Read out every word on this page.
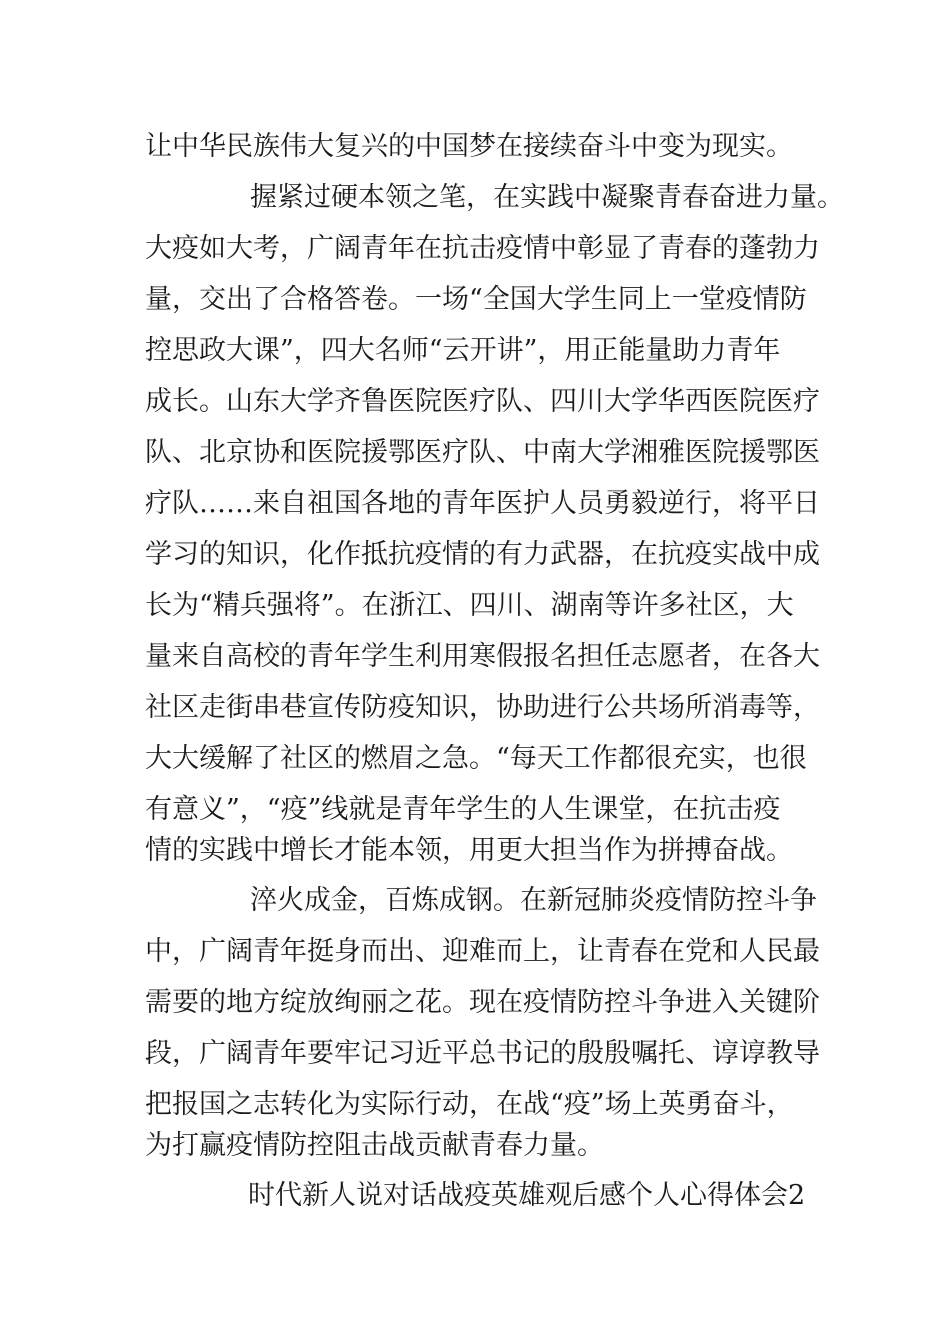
让中华民族伟大复兴的中国梦在接续奋斗中变为现实。

握紧过硬本领之笔，在实践中凝聚青春奋进力量。

大疫如大考，广阔青年在抗击疫情中彰显了青春的蓬勃力

量，交出了合格答卷。一场“全国大学生同上一堂疫情防

控思政大课”，四大名师“云开讲”，用正能量助力青年

成长。山东大学齐鲁医院医疗队、四川大学华西医院医疗

队、北京协和医院援鄂医疗队、中南大学湘雅医院援鄂医

疗队……来自祖国各地的青年医护人员勇毅逆行，将平日

学习的知识，化作抵抗疫情的有力武器，在抗疫实战中成

长为“精兵强将”。在浙江、四川、湖南等许多社区，大

量来自高校的青年学生利用寒假报名担任志愿者，在各大

社区走街串巷宣传防疫知识，协助进行公共场所消毒等，

大大缓解了社区的燃眉之急。“每天工作都很充实，也很

有意义”，“疫”线就是青年学生的人生课堂，在抗击疫

情的实践中增长才能本领，用更大担当作为拼搏奋战。

淬火成金，百炼成钢。在新冠肺炎疫情防控斗争

中，广阔青年挺身而出、迎难而上，让青春在党和人民最

需要的地方绽放绚丽之花。现在疫情防控斗争进入关键阶

段，广阔青年要牢记习近平总书记的殷殷嘱托、谆谆教导

把报国之志转化为实际行动，在战“疫”场上英勇奋斗，

为打赢疫情防控阻击战贡献青春力量。

时代新人说对话战疫英雄观后感个人心得体会2
